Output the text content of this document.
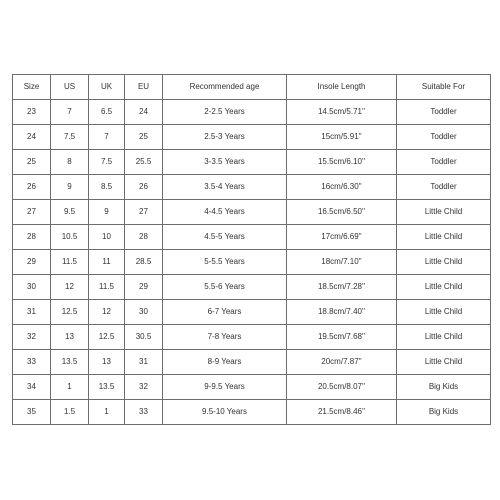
Size	US	UK	EU	Recommended age	Insole Length	Suitable For
23	7	6.5	24	2-2.5 Years	14.5cm/5.71''	Toddler
24	7.5	7	25	2.5-3 Years	15cm/5.91''	Toddler
25	8	7.5	25.5	3-3.5 Years	15.5cm/6.10''	Toddler
26	9	8.5	26	3.5-4 Years	16cm/6.30''	Toddler
27	9.5	9	27	4-4.5 Years	16.5cm/6.50''	Little Child
28	10.5	10	28	4.5-5 Years	17cm/6.69''	Little Child
29	11.5	11	28.5	5-5.5 Years	18cm/7.10''	Little Child
30	12	11.5	29	5.5-6 Years	18.5cm/7.28''	Little Child
31	12.5	12	30	6-7 Years	18.8cm/7.40''	Little Child
32	13	12.5	30.5	7-8 Years	19.5cm/7.68''	Little Child
33	13.5	13	31	8-9 Years	20cm/7.87''	Little Child
34	1	13.5	32	9-9.5 Years	20.5cm/8.07''	Big Kids
35	1.5	1	33	9.5-10 Years	21.5cm/8.46''	Big Kids
